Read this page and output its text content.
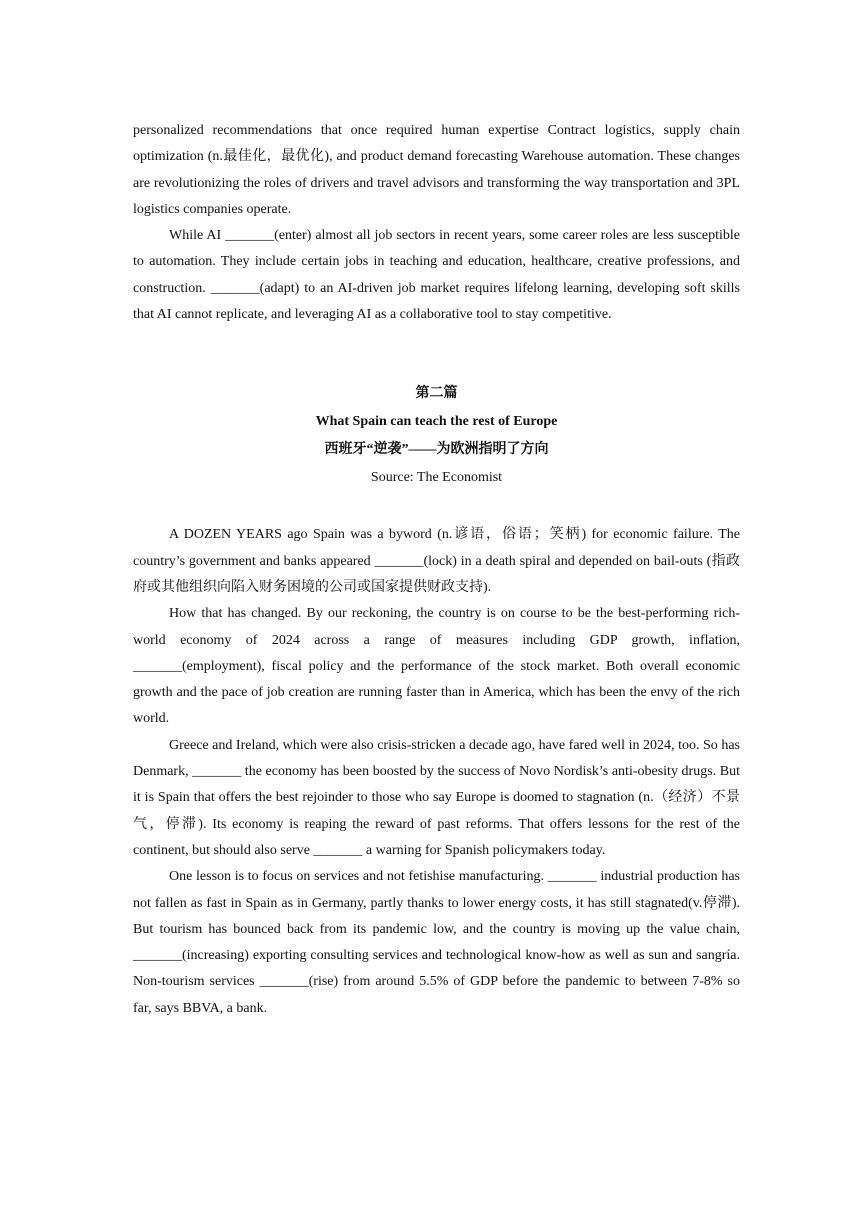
personalized recommendations that once required human expertise Contract logistics, supply chain optimization (n.最佳化，最优化), and product demand forecasting Warehouse automation. These changes are revolutionizing the roles of drivers and travel advisors and transforming the way transportation and 3PL logistics companies operate.

While AI _______(enter) almost all job sectors in recent years, some career roles are less susceptible to automation. They include certain jobs in teaching and education, healthcare, creative professions, and construction. _______(adapt) to an AI-driven job market requires lifelong learning, developing soft skills that AI cannot replicate, and leveraging AI as a collaborative tool to stay competitive.

第二篇

What Spain can teach the rest of Europe

西班牙“逆袭”——为欧洲指明了方向

Source: The Economist

A DOZEN YEARS ago Spain was a byword (n.谚语，俗语；笑柄) for economic failure. The country’s government and banks appeared _______(lock) in a death spiral and depended on bail-outs (指政府或其他组织向陷入财务困境的公司或国家提供财政支持).

How that has changed. By our reckoning, the country is on course to be the best-performing rich-world economy of 2024 across a range of measures including GDP growth, inflation, _______(employment), fiscal policy and the performance of the stock market. Both overall economic growth and the pace of job creation are running faster than in America, which has been the envy of the rich world.

Greece and Ireland, which were also crisis-stricken a decade ago, have fared well in 2024, too. So has Denmark, _______ the economy has been boosted by the success of Novo Nordisk’s anti-obesity drugs. But it is Spain that offers the best rejoinder to those who say Europe is doomed to stagnation (n.（经济）不景气，停滞). Its economy is reaping the reward of past reforms. That offers lessons for the rest of the continent, but should also serve _______ a warning for Spanish policymakers today.

One lesson is to focus on services and not fetishise manufacturing. _______ industrial production has not fallen as fast in Spain as in Germany, partly thanks to lower energy costs, it has still stagnated(v.停滞). But tourism has bounced back from its pandemic low, and the country is moving up the value chain, _______(increasing) exporting consulting services and technological know-how as well as sun and sangría. Non-tourism services _______(rise) from around 5.5% of GDP before the pandemic to between 7-8% so far, says BBVA, a bank.
